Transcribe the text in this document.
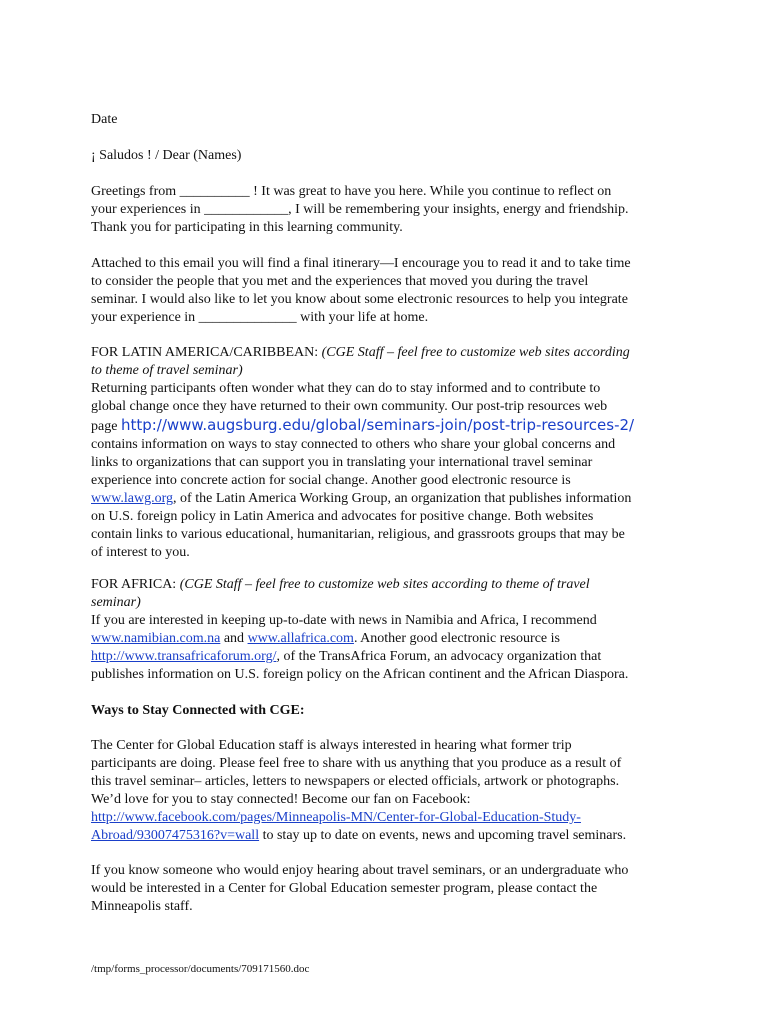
Date
¡ Saludos ! / Dear (Names)
Greetings from __________ ! It was great to have you here. While you continue to reflect on
your experiences in ____________, I will be remembering your insights, energy and friendship.
Thank you for participating in this learning community.
Attached to this email you will find a final itinerary—I encourage you to read it and to take time
to consider the people that you met and the experiences that moved you during the travel
seminar. I would also like to let you know about some electronic resources to help you integrate
your experience in ______________ with your life at home.
FOR LATIN AMERICA/CARIBBEAN: (CGE Staff – feel free to customize web sites according
to theme of travel seminar)
Returning participants often wonder what they can do to stay informed and to contribute to
global change once they have returned to their own community. Our post-trip resources web
page http://www.augsburg.edu/global/seminars-join/post-trip-resources-2/
contains information on ways to stay connected to others who share your global concerns and
links to organizations that can support you in translating your international travel seminar
experience into concrete action for social change. Another good electronic resource is
www.lawg.org, of the Latin America Working Group, an organization that publishes information
on U.S. foreign policy in Latin America and advocates for positive change. Both websites
contain links to various educational, humanitarian, religious, and grassroots groups that may be
of interest to you.
FOR AFRICA: (CGE Staff – feel free to customize web sites according to theme of travel
seminar)
If you are interested in keeping up-to-date with news in Namibia and Africa, I recommend
www.namibian.com.na and www.allafrica.com. Another good electronic resource is
http://www.transafricaforum.org/, of the TransAfrica Forum, an advocacy organization that
publishes information on U.S. foreign policy on the African continent and the African Diaspora.
Ways to Stay Connected with CGE:
The Center for Global Education staff is always interested in hearing what former trip
participants are doing. Please feel free to share with us anything that you produce as a result of
this travel seminar– articles, letters to newspapers or elected officials, artwork or photographs.
We’d love for you to stay connected! Become our fan on Facebook:
http://www.facebook.com/pages/Minneapolis-MN/Center-for-Global-Education-Study-
Abroad/93007475316?v=wall to stay up to date on events, news and upcoming travel seminars.
If you know someone who would enjoy hearing about travel seminars, or an undergraduate who
would be interested in a Center for Global Education semester program, please contact the
Minneapolis staff.
/tmp/forms_processor/documents/709171560.doc
